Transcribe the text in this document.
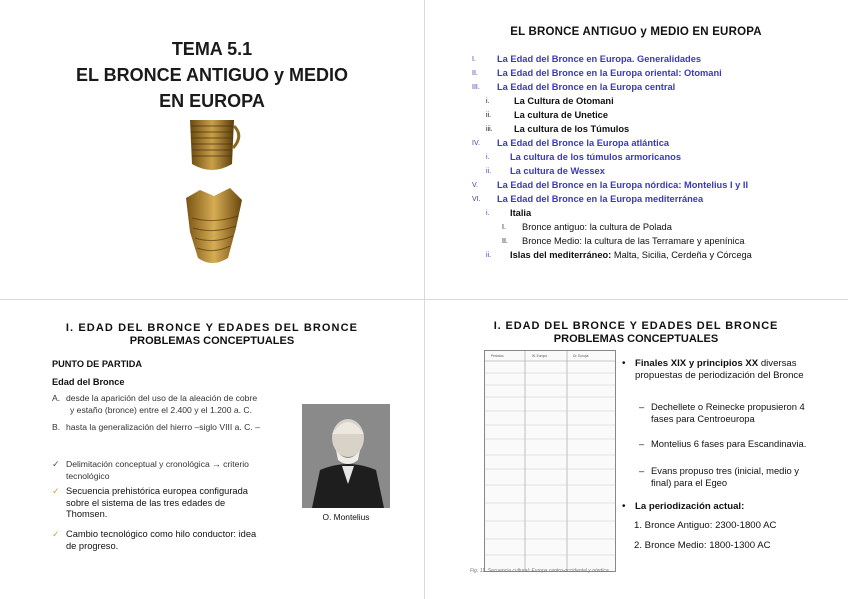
TEMA 5.1
EL BRONCE ANTIGUO y MEDIO
EN EUROPA
EL BRONCE ANTIGUO y MEDIO EN EUROPA
I. La Edad del Bronce en Europa. Generalidades
II. La Edad del Bronce en la Europa oriental: Otomani
III. La Edad del Bronce en la Europa central
i.	La Cultura de Otomani
ii. La cultura de Unetice
iii. La cultura de los Túmulos
IV. La Edad del Bronce la Europa atlántica
i. La cultura de los túmulos armoricanos
ii. La cultura de Wessex
V. La Edad del Bronce en la Europa nórdica: Montelius I y II
VI. La Edad del Bronce en la Europa mediterránea
i. Italia
I. Bronce antiguo: la cultura de Polada
II. Bronce Medio: la cultura de las Terramare y apenínica
ii. Islas del mediterráneo: Malta, Sicilia, Cerdeña y Córcega
I. EDAD DEL BRONCE Y EDADES DEL BRONCE
PROBLEMAS CONCEPTUALES
PUNTO DE PARTIDA
Edad del Bronce
A. desde la aparición del uso de la aleación de cobre
y estaño (bronce) entre el 2.400 y el 1.200 a. C.
B. hasta la generalización del hierro –siglo VIII a. C. –
✓ Delimitación conceptual y cronológica → criterio
tecnológico
✓ Secuencia prehistórica europea configurada
sobre el sistema de las tres edades de
Thomsen.
✓ Cambio tecnológico como hilo conductor: idea
de progreso.
O. Montelius
I. EDAD DEL BRONCE Y EDADES DEL BRONCE
PROBLEMAS CONCEPTUALES
Periodos	W. Europa	Gr. Europa
Fig. 11. Secuencia cultural: Europa centro-occidental y nórdica.
• Finales XIX y principios XX diversas propuestas de periodización del Bronce
– Dechellete o Reinecke propusieron 4 fases para Centroeuropa
– Montelius 6 fases para Escandinavia.
– Evans propuso tres (inicial, medio y final) para el Egeo
• La periodización actual:
1. Bronce Antiguo: 2300-1800 AC
2. Bronce Medio: 1800-1300 AC
